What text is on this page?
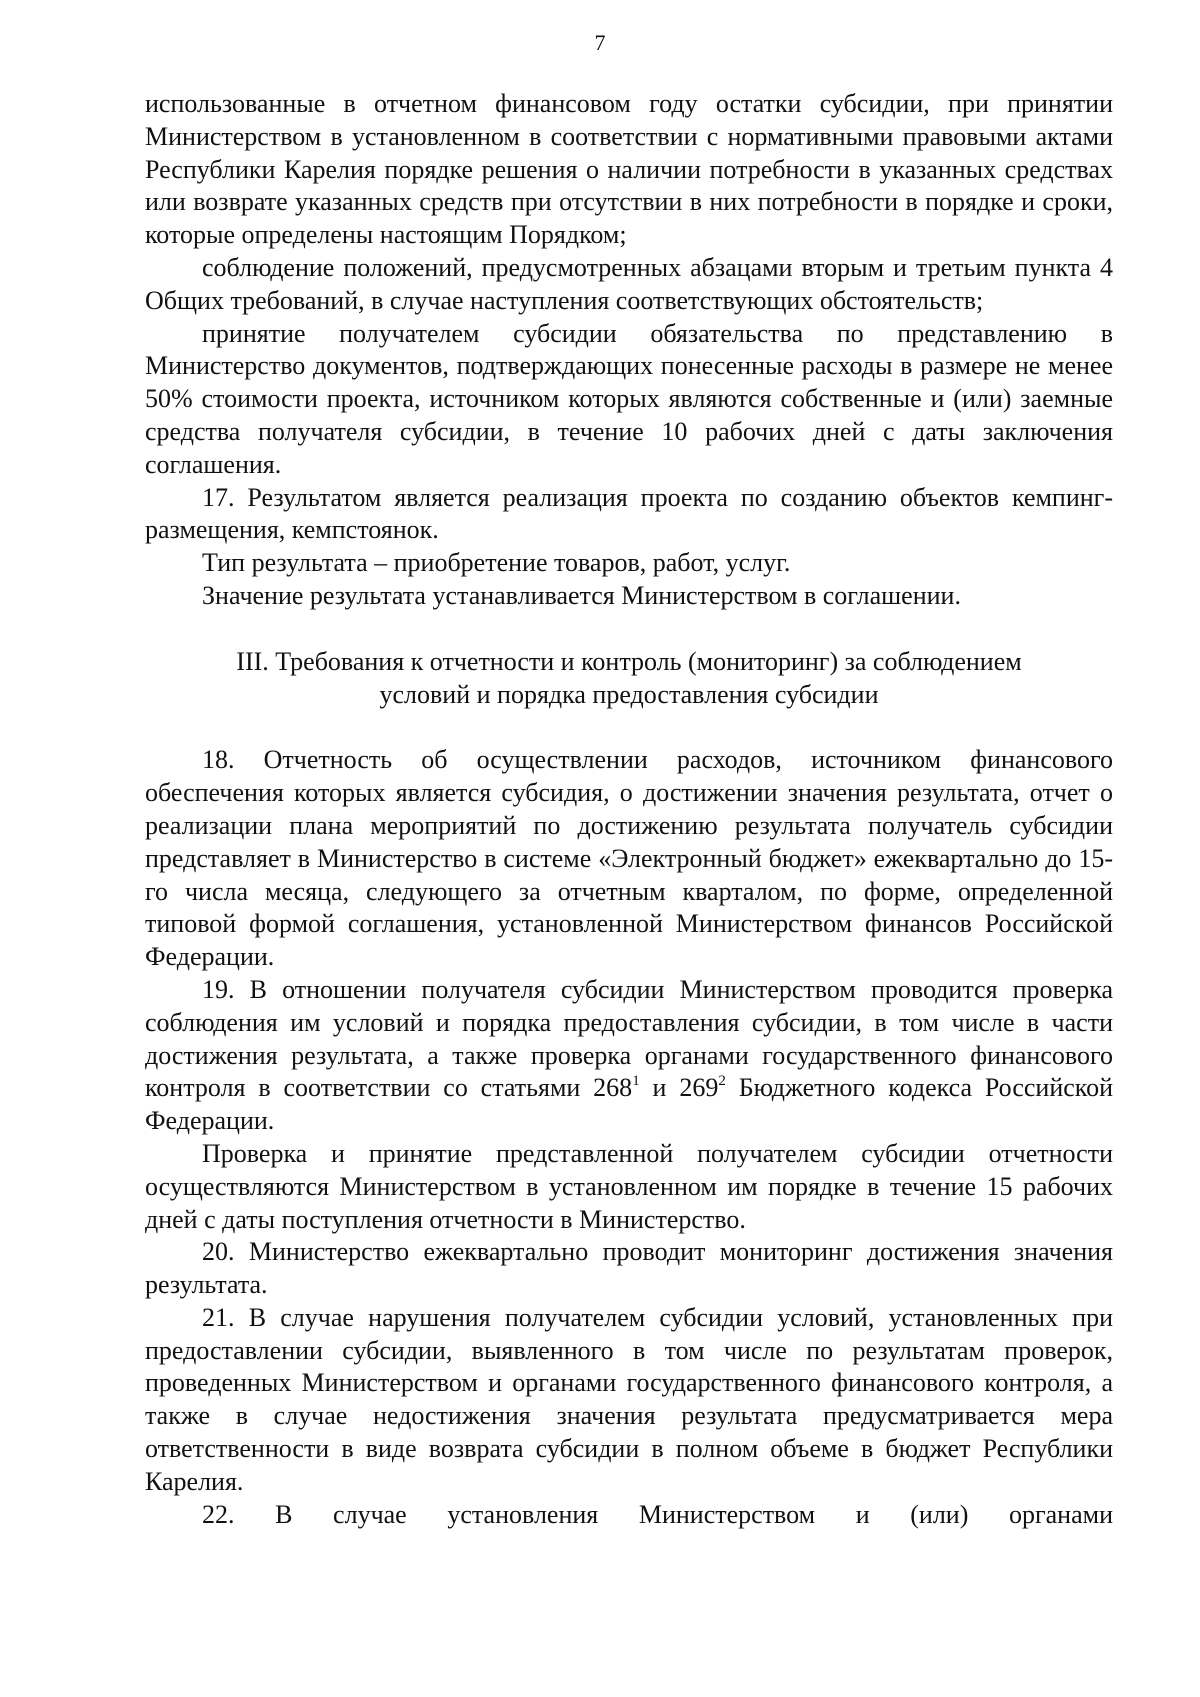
7

использованные в отчетном финансовом году остатки субсидии, при принятии Министерством в установленном в соответствии с нормативными правовыми актами Республики Карелия порядке решения о наличии потребности в указанных средствах или возврате указанных средств при отсутствии в них потребности в порядке и сроки, которые определены настоящим Порядком;

соблюдение положений, предусмотренных абзацами вторым и третьим пункта 4 Общих требований, в случае наступления соответствующих обстоятельств;

принятие получателем субсидии обязательства по представлению в Министерство документов, подтверждающих понесенные расходы в размере не менее 50% стоимости проекта, источником которых являются собственные и (или) заемные средства получателя субсидии, в течение 10 рабочих дней с даты заключения соглашения.

17. Результатом является реализация проекта по созданию объектов кемпинг-размещения, кемпстоянок.

Тип результата – приобретение товаров, работ, услуг.

Значение результата устанавливается Министерством в соглашении.

III. Требования к отчетности и контроль (мониторинг) за соблюдением
условий и порядка предоставления субсидии

18. Отчетность об осуществлении расходов, источником финансового обеспечения которых является субсидия, о достижении значения результата, отчет о реализации плана мероприятий по достижению результата получатель субсидии представляет в Министерство в системе «Электронный бюджет» ежеквартально до 15-го числа месяца, следующего за отчетным кварталом, по форме, определенной типовой формой соглашения, установленной Министерством финансов Российской Федерации.

19. В отношении получателя субсидии Министерством проводится проверка соблюдения им условий и порядка предоставления субсидии, в том числе в части достижения результата, а также проверка органами государственного финансового контроля в соответствии со статьями $268^1$ и $269^2$ Бюджетного кодекса Российской Федерации.

Проверка и принятие представленной получателем субсидии отчетности осуществляются Министерством в установленном им порядке в течение 15 рабочих дней с даты поступления отчетности в Министерство.

20. Министерство ежеквартально проводит мониторинг достижения значения результата.

21. В случае нарушения получателем субсидии условий, установленных при предоставлении субсидии, выявленного в том числе по результатам проверок, проведенных Министерством и органами государственного финансового контроля, а также в случае недостижения значения результата предусматривается мера ответственности в виде возврата субсидии в полном объеме в бюджет Республики Карелия.

22. В случае установления Министерством и (или) органами
